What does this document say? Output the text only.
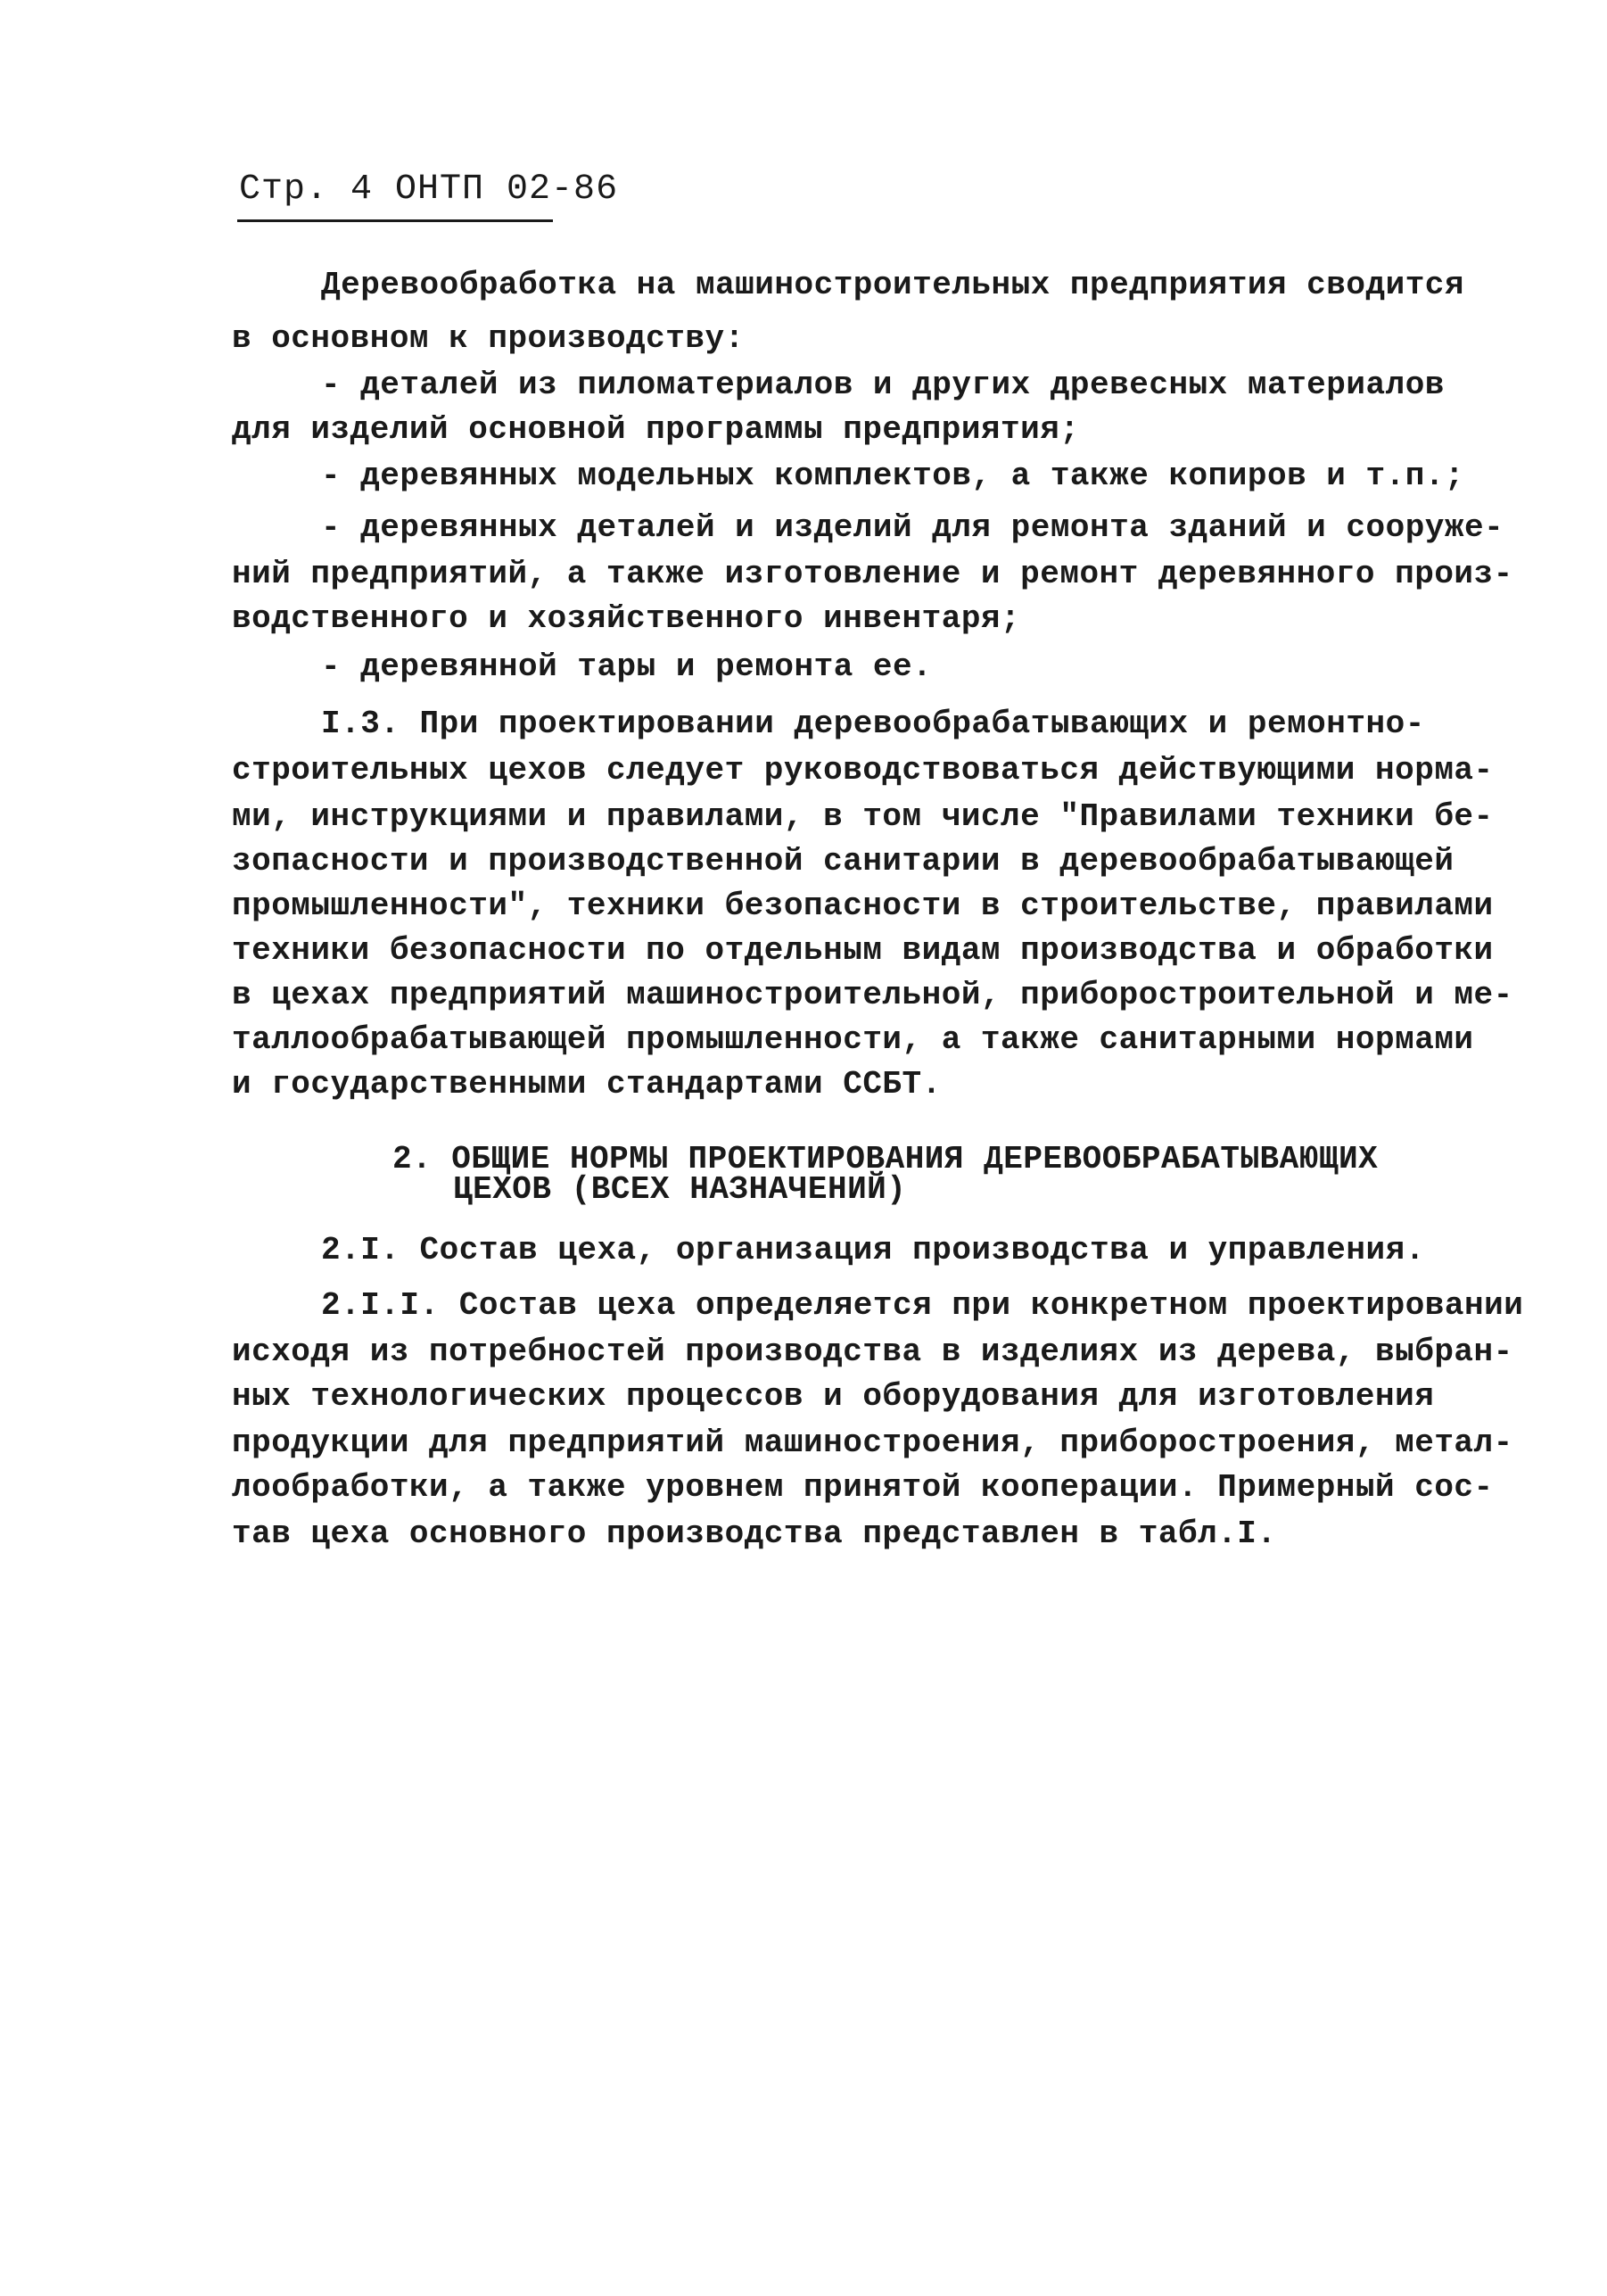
Стр. 4 ОНТП 02-86
Деревообработка на машиностроительных предприятия сводится
в основном к производству:
- деталей из пиломатериалов и других древесных материалов
для изделий основной программы предприятия;
- деревянных модельных комплектов, а также копиров и т.п.;
- деревянных деталей и изделий для ремонта зданий и сооруже-
ний предприятий, а также изготовление и ремонт деревянного произ-
водственного и хозяйственного инвентаря;
- деревянной тары и ремонта ее.
I.3. При проектировании деревообрабатывающих и ремонтно-
строительных цехов следует руководствоваться действующими норма-
ми, инструкциями и правилами, в том числе "Правилами техники бе-
зопасности и производственной санитарии в деревообрабатывающей
промышленности", техники безопасности в строительстве, правилами
техники безопасности по отдельным видам производства и обработки
в цехах предприятий машиностроительной, приборостроительной и ме-
таллообрабатывающей промышленности, а также санитарными нормами
и государственными стандартами ССБТ.
2. ОБЩИЕ НОРМЫ ПРОЕКТИРОВАНИЯ ДЕРЕВООБРАБАТЫВАЮЩИХ
ЦЕХОВ (ВСЕХ НАЗНАЧЕНИЙ)
2.I. Состав цеха, организация производства и управления.
2.I.I. Состав цеха определяется при конкретном проектировании
исходя из потребностей производства в изделиях из дерева, выбран-
ных технологических процессов и оборудования для изготовления
продукции для предприятий машиностроения, приборостроения, метал-
лообработки, а также уровнем принятой кооперации. Примерный сос-
тав цеха основного производства представлен в табл.I.
